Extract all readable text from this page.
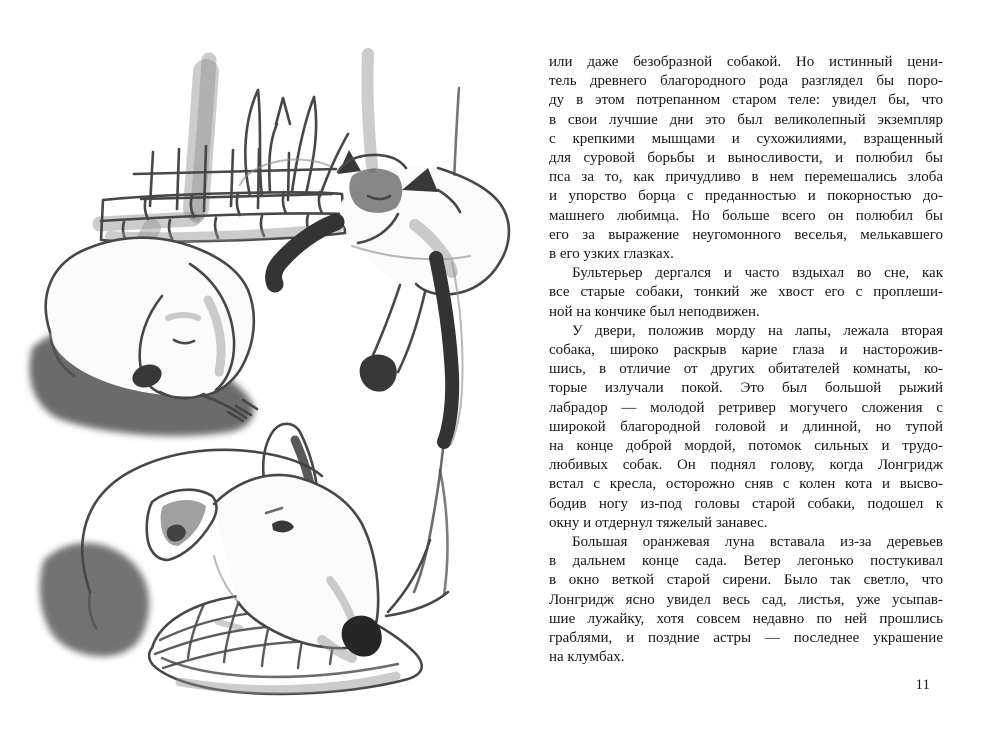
или даже безобразной собакой. Но истинный цени-
тель древнего благородного рода разглядел бы поро-
ду в этом потрепанном старом теле: увидел бы, что
в свои лучшие дни это был великолепный экземпляр
с крепкими мышцами и сухожилиями, взращенный
для суровой борьбы и выносливости, и полюбил бы
пса за то, как причудливо в нем перемешались злоба
и упорство борца с преданностью и покорностью до-
машнего любимца. Но больше всего он полюбил бы
его за выражение неугомонного веселья, мелькавшего
в его узких глазках.
Бультерьер дергался и часто вздыхал во сне, как
все старые собаки, тонкий же хвост его с проплеши-
ной на кончике был неподвижен.
У двери, положив морду на лапы, лежала вторая
собака, широко раскрыв карие глаза и насторожив-
шись, в отличие от других обитателей комнаты, ко-
торые излучали покой. Это был большой рыжий
лабрадор — молодой ретривер могучего сложения с
широкой благородной головой и длинной, но тупой
на конце доброй мордой, потомок сильных и трудо-
любивых собак. Он поднял голову, когда Лонгридж
встал с кресла, осторожно сняв с колен кота и высво-
бодив ногу из-под головы старой собаки, подошел к
окну и отдернул тяжелый занавес.
Большая оранжевая луна вставала из-за деревьев
в дальнем конце сада. Ветер легонько постукивал
в окно веткой старой сирени. Было так светло, что
Лонгридж ясно увидел весь сад, листья, уже усыпав-
шие лужайку, хотя совсем недавно по ней прошлись
граблями, и поздние астры — последнее украшение
на клумбах.
11
